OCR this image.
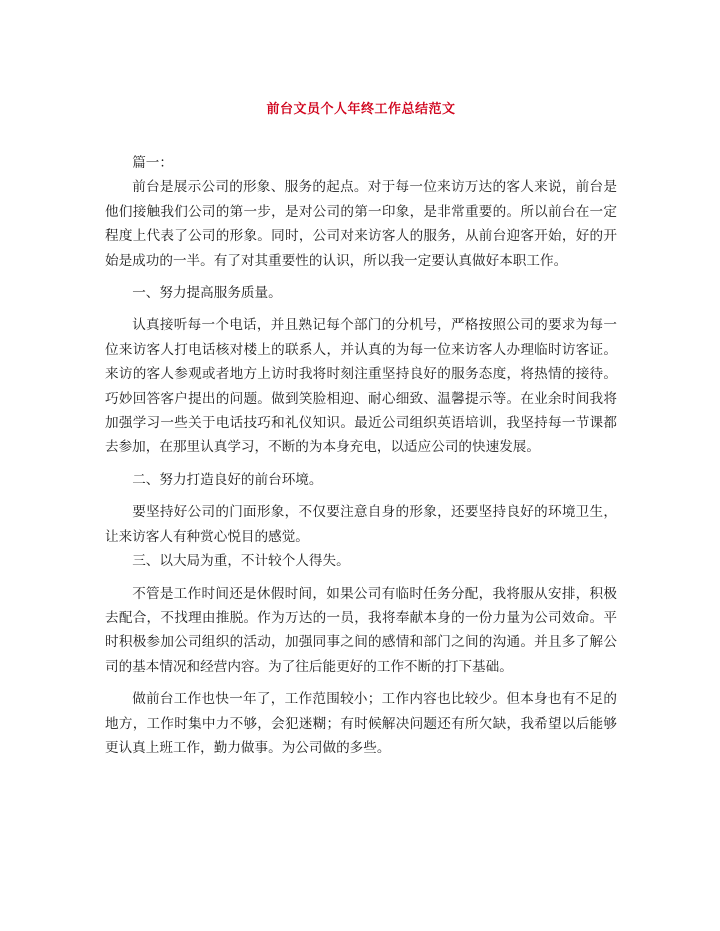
前台文员个人年终工作总结范文

篇一：

前台是展示公司的形象、服务的起点。对于每一位来访万达的客人来说，前台是他们接触我们公司的第一步，是对公司的第一印象，是非常重要的。所以前台在一定程度上代表了公司的形象。同时，公司对来访客人的服务，从前台迎客开始，好的开始是成功的一半。有了对其重要性的认识，所以我一定要认真做好本职工作。

一、努力提高服务质量。

认真接听每一个电话，并且熟记每个部门的分机号，严格按照公司的要求为每一位来访客人打电话核对楼上的联系人，并认真的为每一位来访客人办理临时访客证。来访的客人参观或者地方上访时我将时刻注重坚持良好的服务态度，将热情的接待。巧妙回答客户提出的问题。做到笑脸相迎、耐心细致、温馨提示等。在业余时间我将加强学习一些关于电话技巧和礼仪知识。最近公司组织英语培训，我坚持每一节课都去参加，在那里认真学习，不断的为本身充电，以适应公司的快速发展。

二、努力打造良好的前台环境。

要坚持好公司的门面形象，不仅要注意自身的形象，还要坚持良好的环境卫生，让来访客人有种赏心悦目的感觉。

三、以大局为重，不计较个人得失。

不管是工作时间还是休假时间，如果公司有临时任务分配，我将服从安排，积极去配合，不找理由推脱。作为万达的一员，我将奉献本身的一份力量为公司效命。平时积极参加公司组织的活动，加强同事之间的感情和部门之间的沟通。并且多了解公司的基本情况和经营内容。为了往后能更好的工作不断的打下基础。

做前台工作也快一年了，工作范围较小；工作内容也比较少。但本身也有不足的地方，工作时集中力不够，会犯迷糊；有时候解决问题还有所欠缺，我希望以后能够更认真上班工作，勤力做事。为公司做的多些。
